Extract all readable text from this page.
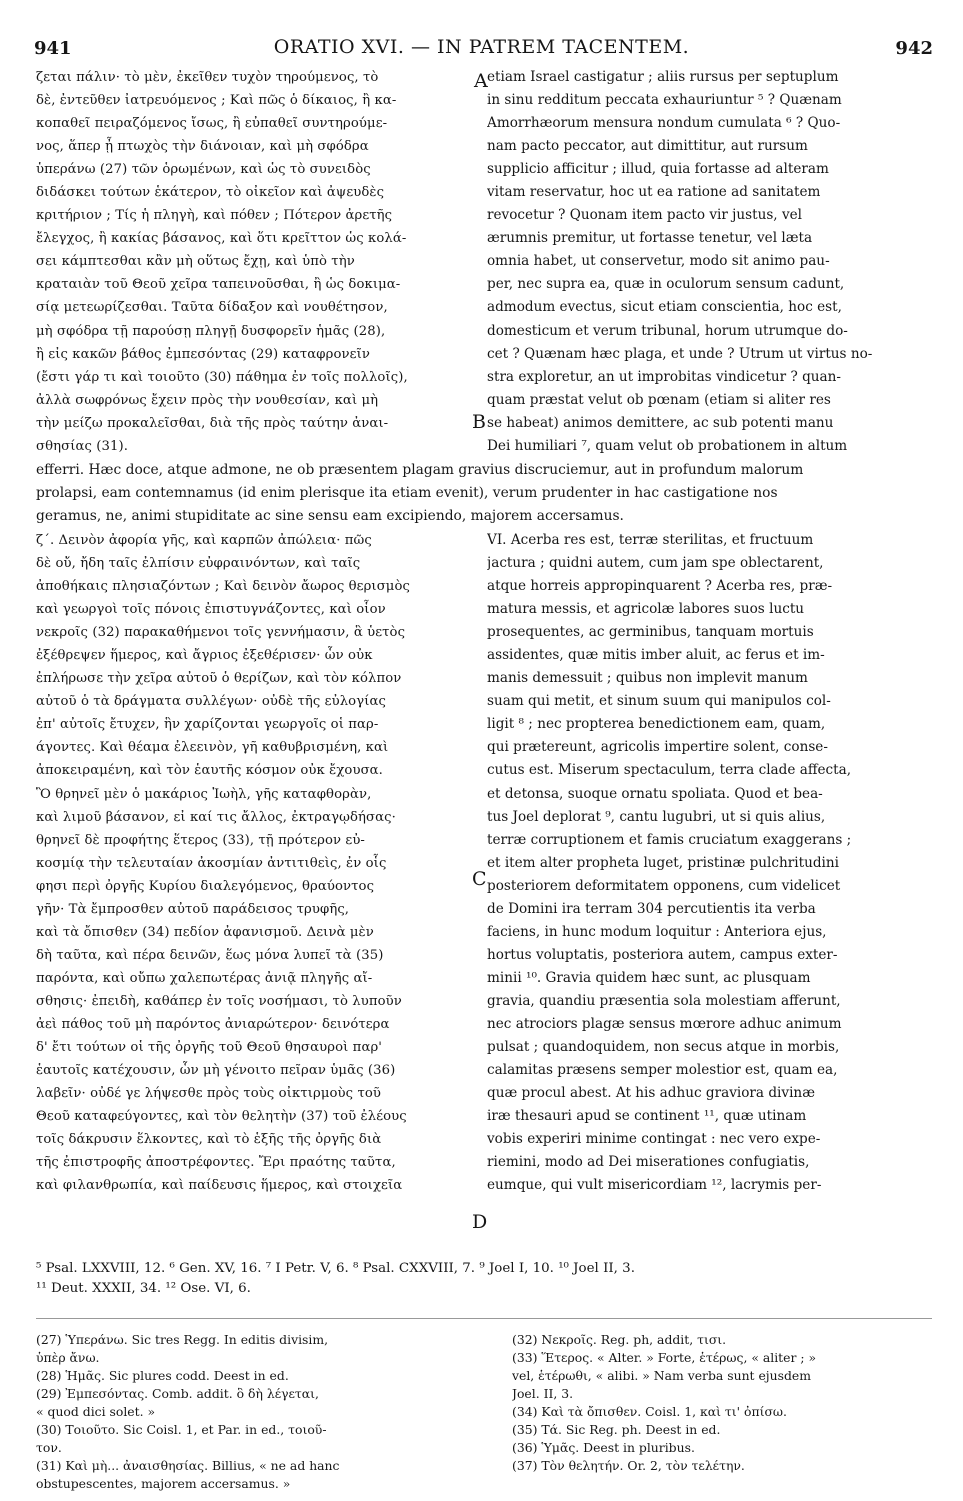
941	ORATIO XVI. — IN PATREM TACENTEM.	942
ζεται πάλιν· τὸ μὲν, ἐκεῖθεν τυχὸν τηρούμενος, τὸ
δὲ, ἐντεῦθεν ἰατρευόμενος ; Καὶ πῶς ὁ δίκαιος, ἢ κα-
κοπαθεῖ πειραζόμενος ἴσως, ἢ εὐπαθεῖ συντηρούμε-
νος, ἅπερ ᾖ πτωχὸς τὴν διάνοιαν, καὶ μὴ σφόδρα
ὑπεράνω (27) τῶν ὁρωμένων, καὶ ὡς τὸ συνειδὸς
διδάσκει τούτων ἑκάτερον, τὸ οἰκεῖον καὶ ἀψευδὲς
κριτήριον ; Τίς ἡ πληγὴ, καὶ πόθεν ; Πότερον ἀρετῆς
ἔλεγχος, ἢ κακίας βάσανος, καὶ ὅτι κρεῖττον ὡς κολά-
σει κάμπτεσθαι κἂν μὴ οὕτως ἔχῃ, καὶ ὑπὸ τὴν
κραταιὰν τοῦ Θεοῦ χεῖρα ταπεινοῦσθαι, ἢ ὡς δοκιμα-
σίᾳ μετεωρίζεσθαι. Ταῦτα δίδαξον καὶ νουθέτησον,
μὴ σφόδρα τῇ παρούσῃ πληγῇ δυσφορεῖν ἡμᾶς (28),
ἢ εἰς κακῶν βάθος ἐμπεσόντας (29) καταφρονεῖν
(ἔστι γάρ τι καὶ τοιοῦτο (30) πάθημα ἐν τοῖς πολλοῖς),
ἀλλὰ σωφρόνως ἔχειν πρὸς τὴν νουθεσίαν, καὶ μὴ
τὴν μείζω προκαλεῖσθαι, διὰ τῆς πρὸς ταύτην ἀναι-
σθησίας (31).
etiam Israel castigatur ; aliis rursus per septuplum
in sinu redditum peccata exhauriuntur ⁵ ? Quænam
Amorrhæorum mensura nondum cumulata ⁶ ? Quo-
nam pacto peccator, aut dimittitur, aut rursum
supplicio afficitur ; illud, quia fortasse ad alteram
vitam reservatur, hoc ut ea ratione ad sanitatem
revocetur ? Quonam item pacto vir justus, vel
ærumnis premitur, ut fortasse tenetur, vel læta
omnia habet, ut conservetur, modo sit animo pau-
per, nec supra ea, quæ in oculorum sensum cadunt,
admodum evectus, sicut etiam conscientia, hoc est,
domesticum et verum tribunal, horum utrumque do-
cet ? Quænam hæc plaga, et unde ? Utrum ut virtus no-
stra exploretur, an ut improbitas vindicetur ? quan-
quam præstat velut ob pœnam (etiam si aliter res
se habeat) animos demittere, ac sub potenti manu
Dei humiliari ⁷, quam velut ob probationem in altum
A
B
C
D
efferri. Hæc doce, atque admone, ne ob præsentem plagam gravius discruciemur, aut in profundum malorum
prolapsi, eam contemnamus (id enim plerisque ita etiam evenit), verum prudenter in hac castigatione nos
geramus, ne, animi stupiditate ac sine sensu eam excipiendo, majorem accersamus.
ζ΄. Δεινὸν ἀφορία γῆς, καὶ καρπῶν ἀπώλεια· πῶς
δὲ οὔ, ἤδη ταῖς ἐλπίσιν εὐφραινόντων, καὶ ταῖς
ἀποθήκαις πλησιαζόντων ; Καὶ δεινὸν ἄωρος θερισμὸς
καὶ γεωργοὶ τοῖς πόνοις ἐπιστυγνάζοντες, καὶ οἷον
νεκροῖς (32) παρακαθήμενοι τοῖς γεννήμασιν, ἃ ὑετὸς
ἐξέθρεψεν ἥμερος, καὶ ἄγριος ἐξεθέρισεν· ὧν οὐκ
ἐπλήρωσε τὴν χεῖρα αὐτοῦ ὁ θερίζων, καὶ τὸν κόλπον
αὐτοῦ ὁ τὰ δράγματα συλλέγων· οὐδὲ τῆς εὐλογίας
ἐπ' αὐτοῖς ἔτυχεν, ἣν χαρίζονται γεωργοῖς οἱ παρ-
άγοντες. Καὶ θέαμα ἐλεεινὸν, γῆ καθυβρισμένη, καὶ
ἀποκειραμένη, καὶ τὸν ἑαυτῆς κόσμον οὐκ ἔχουσα.
Ὃ θρηνεῖ μὲν ὁ μακάριος Ἰωὴλ, γῆς καταφθορὰν,
καὶ λιμοῦ βάσανον, εἰ καί τις ἄλλος, ἐκτραγῳδήσας·
θρηνεῖ δὲ προφήτης ἕτερος (33), τῇ πρότερον εὐ-
κοσμίᾳ τὴν τελευταίαν ἀκοσμίαν ἀντιτιθεὶς, ἐν οἷς
φησι περὶ ὀργῆς Κυρίου διαλεγόμενος, θραύοντος
γῆν· Τὰ ἔμπροσθεν αὐτοῦ παράδεισος τρυφῆς,
καὶ τὰ ὄπισθεν (34) πεδίον ἀφανισμοῦ. Δεινὰ μὲν
δὴ ταῦτα, καὶ πέρα δεινῶν, ἕως μόνα λυπεῖ τὰ (35)
παρόντα, καὶ οὔπω χαλεπωτέρας ἀνιᾷ πληγῆς αἴ-
σθησις· ἐπειδὴ, καθάπερ ἐν τοῖς νοσήμασι, τὸ λυποῦν
ἀεὶ πάθος τοῦ μὴ παρόντος ἀνιαρώτερον· δεινότερα
δ' ἔτι τούτων οἱ τῆς ὀργῆς τοῦ Θεοῦ θησαυροὶ παρ'
ἑαυτοῖς κατέχουσιν, ὧν μὴ γένοιτο πεῖραν ὑμᾶς (36)
λαβεῖν· οὐδέ γε λήψεσθε πρὸς τοὺς οἰκτιρμοὺς τοῦ
Θεοῦ καταφεύγοντες, καὶ τὸν θελητὴν (37) τοῦ ἐλέους
τοῖς δάκρυσιν ἕλκοντες, καὶ τὸ ἑξῆς τῆς ὀργῆς διὰ
τῆς ἐπιστροφῆς ἀποστρέφοντες. Ἔρι πραότης ταῦτα,
καὶ φιλανθρωπία, καὶ παίδευσις ἥμερος, καὶ στοιχεῖα
VI. Acerba res est, terræ sterilitas, et fructuum
jactura ; quidni autem, cum jam spe oblectarent,
atque horreis appropinquarent ? Acerba res, præ-
matura messis, et agricolæ labores suos luctu
prosequentes, ac germinibus, tanquam mortuis
assidentes, quæ mitis imber aluit, ac ferus et im-
manis demessuit ; quibus non implevit manum
suam qui metit, et sinum suum qui manipulos col-
ligit ⁸ ; nec propterea benedictionem eam, quam,
qui prætereunt, agricolis impertire solent, conse-
cutus est. Miserum spectaculum, terra clade affecta,
et detonsa, suoque ornatu spoliata. Quod et bea-
tus Joel deplorat ⁹, cantu lugubri, ut si quis alius,
terræ corruptionem et famis cruciatum exaggerans ;
et item alter propheta luget, pristinæ pulchritudini
posteriorem deformitatem opponens, cum videlicet
de Domini ira terram 304 percutientis ita verba
faciens, in hunc modum loquitur : Anteriora ejus,
hortus voluptatis, posteriora autem, campus exter-
minii ¹⁰. Gravia quidem hæc sunt, ac plusquam
gravia, quandiu præsentia sola molestiam afferunt,
nec atrociors plagæ sensus mœrore adhuc animum
pulsat ; quandoquidem, non secus atque in morbis,
calamitas præsens semper molestior est, quam ea,
quæ procul abest. At his adhuc graviora divinæ
iræ thesauri apud se continent ¹¹, quæ utinam
vobis experiri minime contingat : nec vero expe-
riemini, modo ad Dei miserationes confugiatis,
eumque, qui vult misericordiam ¹², lacrymis per-
⁵ Psal. LXXVIII, 12. ⁶ Gen. XV, 16. ⁷ I Petr. V, 6. ⁸ Psal. CXXVIII, 7. ⁹ Joel I, 10. ¹⁰ Joel II, 3.
¹¹ Deut. XXXII, 34. ¹² Ose. VI, 6.
(27) Ὑπεράνω. Sic tres Regg. In editis divisim,
ὑπὲρ ἄνω.
(28) Ἡμᾶς. Sic plures codd. Deest in ed.
(29) Ἐμπεσόντας. Comb. addit. ὃ δὴ λέγεται,
« quod dici solet. »
(30) Τοιοῦτο. Sic Coisl. 1, et Par. in ed., τοιοῦ-
τον.
(31) Καὶ μὴ... ἀναισθησίας. Billius, « ne ad hanc
obstupescentes, majorem accersamus. »
(32) Νεκροῖς. Reg. ph, addit, τισι.
(33) Ἕτερος. « Alter. » Forte, ἑτέρως, « aliter ; »
vel, ἑτέρωθι, « alibi. » Nam verba sunt ejusdem
Joel. II, 3.
(34) Καὶ τὰ ὄπισθεν. Coisl. 1, καὶ τι' ὀπίσω.
(35) Τά. Sic Reg. ph. Deest in ed.
(36) Ὑμᾶς. Deest in pluribus.
(37) Τὸν θελητήν. Or. 2, τὸν τελέτην.
